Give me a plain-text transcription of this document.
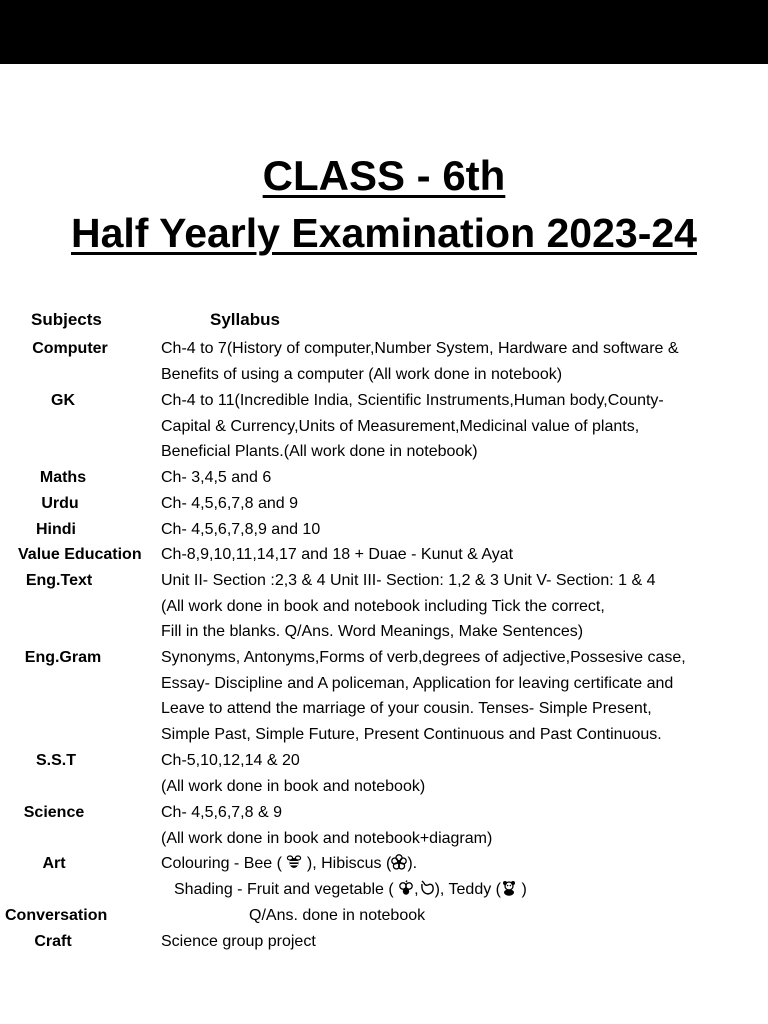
CLASS - 6th
Half Yearly Examination 2023-24
Subjects	Syllabus
Computer	Ch-4 to 7(History of computer,Number System, Hardware and software &
Benefits of using a computer (All work done in notebook)
GK	Ch-4 to 11(Incredible India, Scientific Instruments,Human body,County-
Capital & Currency,Units of Measurement,Medicinal value of plants,
Beneficial Plants.(All work done in notebook)
Maths	Ch- 3,4,5 and 6
Urdu	Ch- 4,5,6,7,8 and 9
Hindi	Ch- 4,5,6,7,8,9 and 10
Value Education Ch-8,9,10,11,14,17 and 18 + Duae - Kunut & Ayat
Eng.Text	Unit II- Section :2,3 & 4 Unit III- Section: 1,2 & 3 Unit V- Section: 1 & 4
(All work done in book and notebook including Tick the correct,
Fill in the blanks. Q/Ans. Word Meanings, Make Sentences)
Eng.Gram	Synonyms, Antonyms,Forms of verb,degrees of adjective,Possesive case,
Essay- Discipline and A policeman, Application for leaving certificate and
Leave to attend the marriage of your cousin. Tenses- Simple Present,
Simple Past, Simple Future, Present Continuous and Past Continuous.
S.S.T	Ch-5,10,12,14 & 20
(All work done in book and notebook)
Science	Ch- 4,5,6,7,8 & 9
(All work done in book and notebook+diagram)
Art	Colouring - Bee ( ), Hibiscus ( ).
Shading - Fruit and vegetable ( , ), Teddy ( )
Conversation	Q/Ans. done in notebook
Craft	Science group project
